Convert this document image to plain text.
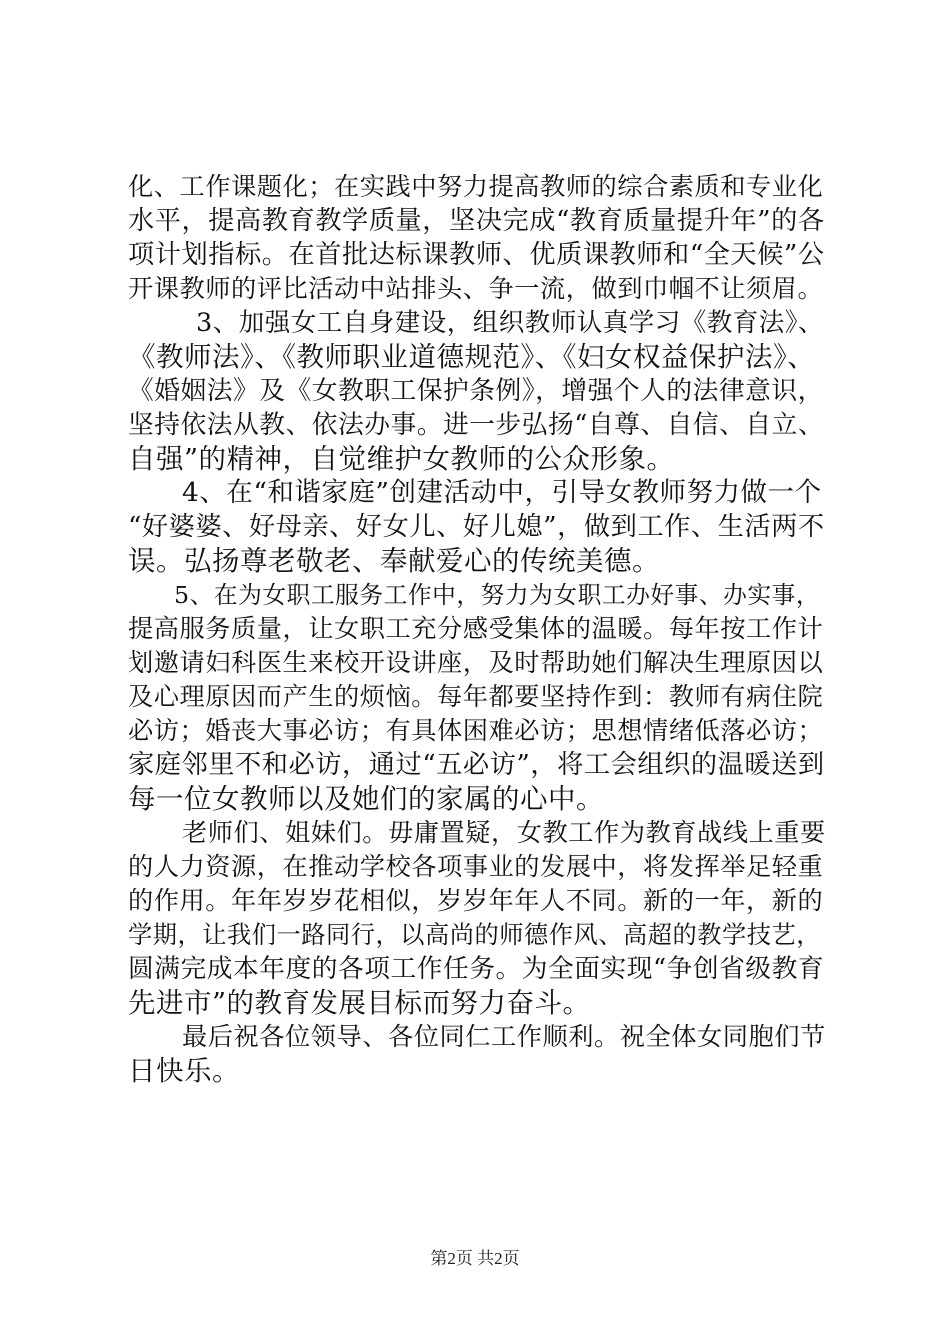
化、工作课题化；在实践中努力提高教师的综合素质和专业化
水平，提高教育教学质量，坚决完成“教育质量提升年”的各
项计划指标。在首批达标课教师、优质课教师和“全天候”公
开课教师的评比活动中站排头、争一流，做到巾帼不让须眉。
3、加强女工自身建设，组织教师认真学习《教育法》、
《教师法》、《教师职业道德规范》、《妇女权益保护法》、
《婚姻法》及《女教职工保护条例》，增强个人的法律意识，
坚持依法从教、依法办事。进一步弘扬“自尊、自信、自立、
自强”的精神，自觉维护女教师的公众形象。
4、在“和谐家庭”创建活动中，引导女教师努力做一个
“好婆婆、好母亲、好女儿、好儿媳”，做到工作、生活两不
误。弘扬尊老敬老、奉献爱心的传统美德。
5、在为女职工服务工作中，努力为女职工办好事、办实事，
提高服务质量，让女职工充分感受集体的温暖。每年按工作计
划邀请妇科医生来校开设讲座，及时帮助她们解决生理原因以
及心理原因而产生的烦恼。每年都要坚持作到：教师有病住院
必访；婚丧大事必访；有具体困难必访；思想情绪低落必访；
家庭邻里不和必访，通过“五必访”，将工会组织的温暖送到
每一位女教师以及她们的家属的心中。
老师们、姐妹们。毋庸置疑，女教工作为教育战线上重要
的人力资源，在推动学校各项事业的发展中，将发挥举足轻重
的作用。年年岁岁花相似，岁岁年年人不同。新的一年，新的
学期，让我们一路同行，以高尚的师德作风、高超的教学技艺，
圆满完成本年度的各项工作任务。为全面实现“争创省级教育
先进市”的教育发展目标而努力奋斗。
最后祝各位领导、各位同仁工作顺利。祝全体女同胞们节
日快乐。
第2页 共2页
